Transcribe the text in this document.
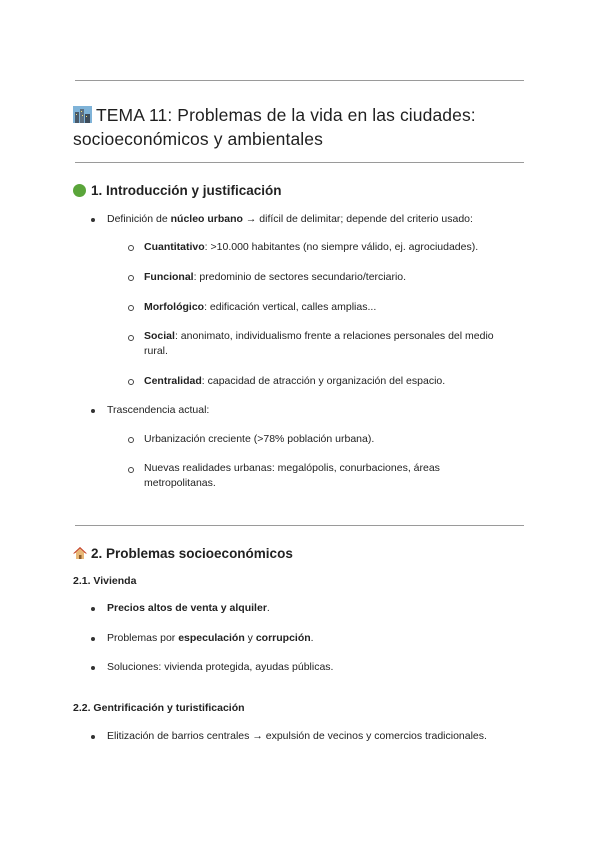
TEMA 11: Problemas de la vida en las ciudades: socioeconómicos y ambientales
1. Introducción y justificación
Definición de núcleo urbano → difícil de delimitar; depende del criterio usado:
Cuantitativo: >10.000 habitantes (no siempre válido, ej. agrociudades).
Funcional: predominio de sectores secundario/terciario.
Morfológico: edificación vertical, calles amplias...
Social: anonimato, individualismo frente a relaciones personales del medio rural.
Centralidad: capacidad de atracción y organización del espacio.
Trascendencia actual:
Urbanización creciente (>78% población urbana).
Nuevas realidades urbanas: megalópolis, conurbaciones, áreas metropolitanas.
2. Problemas socioeconómicos
2.1. Vivienda
Precios altos de venta y alquiler.
Problemas por especulación y corrupción.
Soluciones: vivienda protegida, ayudas públicas.
2.2. Gentrificación y turistificación
Elitización de barrios centrales → expulsión de vecinos y comercios tradicionales.
